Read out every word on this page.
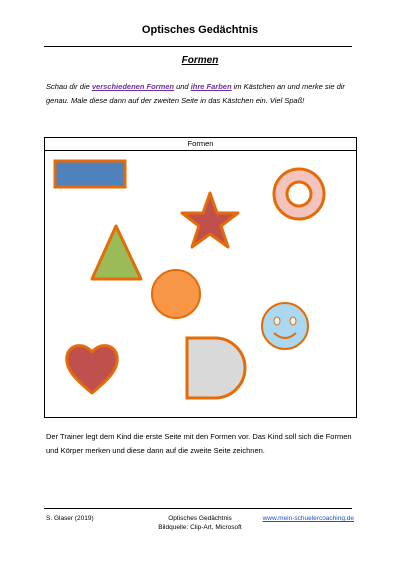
Optisches Gedächtnis
Formen
Schau dir die verschiedenen Formen und ihre Farben im Kästchen an und merke sie dir genau. Male diese dann auf der zweiten Seite in das Kästchen ein. Viel Spaß!
Formen
Der Trainer legt dem Kind die erste Seite mit den Formen vor. Das Kind soll sich die Formen und Körper merken und diese dann auf die zweite Seite zeichnen.
S. Glaser (2019)	Optisches Gedächtnis
Bildquelle: Clip-Art, Microsoft
www.mein-schuelercoaching.de
